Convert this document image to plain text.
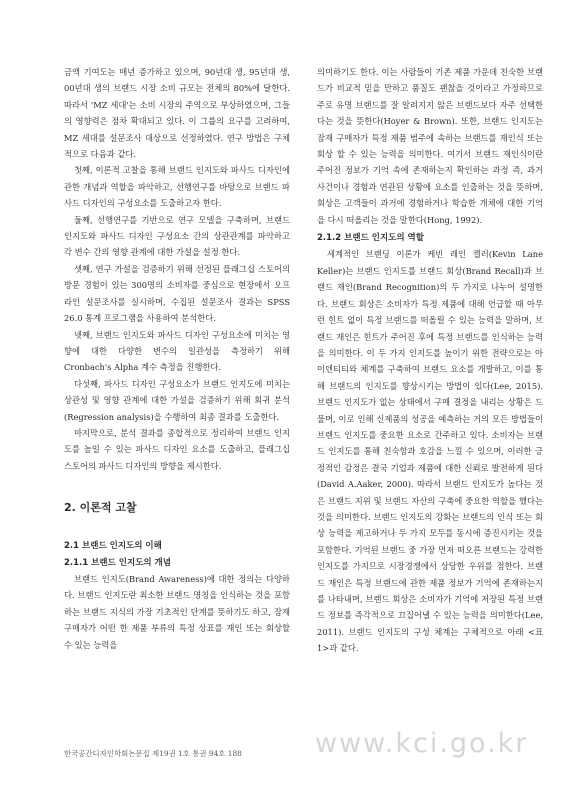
금액 기여도는 매년 증가하고 있으며, 90년대 생, 95년대 생, 00년대 생의 브랜드 시장 소비 규모는 전체의 80%에 달한다. 따라서 'MZ 세대'는 소비 시장의 주역으로 부상하였으며, 그들의 영향력은 점차 확대되고 있다. 이 그룹의 요구를 고려하여, MZ 세대를 설문조사 대상으로 선정하였다. 연구 방법은 구체적으로 다음과 같다.

첫째, 이론적 고찰을 통해 브랜드 인지도와 파사드 디자인에 관한 개념과 역할을 파악하고, 선행연구를 바탕으로 브랜드 파사드 디자인의 구성요소를 도출하고자 한다.

둘째, 선행연구를 기반으로 연구 모델을 구축하며, 브랜드 인지도와 파사드 디자인 구성요소 간의 상관관계를 파악하고 각 변수 간의 영향 관계에 대한 가설을 설정 한다.

셋째, 연구 가설을 검증하기 위해 선정된 플래그십 스토어의 방문 경험이 있는 300명의 소비자를 중심으로 현장에서 오프라인 설문조사를 실시하며, 수집된 설문조사 결과는 SPSS 26.0 통계 프로그램을 사용하여 분석한다.

넷째, 브랜드 인지도와 파사드 디자인 구성요소에 미치는 영향에 대한 다양한 변수의 일관성을 측정하기 위해 Cronbach's Alpha 계수 측정을 진행한다.

다섯째, 파사드 디자인 구성요소가 브랜드 인지도에 미치는 상관성 및 영향 관계에 대한 가설을 검증하기 위해 회귀 분석(Regression analysis)을 수행하여 최종 결과를 도출한다.

마지막으로, 분석 결과를 종합적으로 정리하여 브랜드 인지도를 높일 수 있는 파사드 디자인 요소를 도출하고, 플래그십 스토어의 파사드 디자인의 방향을 제시한다.

2. 이론적 고찰
2.1 브랜드 인지도의 이해
2.1.1 브랜드 인지도의 개념

브랜드 인지도(Brand Awareness)에 대한 정의는 다양하다. 브랜드 인지도란 최소한 브랜드 명칭을 인식하는 것을 포함하는 브랜드 지식의 가장 기초적인 단계를 뜻하기도 하고, 잠재 구매자가 어떤 한 제품 부류의 특정 상표를 재인 또는 회상할 수 있는 능력을

의미하기도 한다. 이는 사람들이 기존 제품 가운데 친숙한 브랜드가 비교적 믿을 만하고 품질도 괜찮을 것이라고 가정하므로 주로 유명 브랜드를 잘 알려지지 않은 브랜드보다 자주 선택한다는 것을 뜻한다(Hoyer & Brown). 또한, 브랜드 인지도는 잠재 구매자가 특정 제품 범주에 속하는 브랜드를 재인식 또는 회상 할 수 있는 능력을 의미한다. 여기서 브랜드 재인식이란 주어진 정보가 기억 속에 존재하는지 확인하는 과정 즉, 과거 사건이나 경험과 연관된 상황에 요소를 인출하는 것을 뜻하며, 회상은 고객들이 과거에 경험하거나 학습한 개체에 대한 기억을 다시 떠올리는 것을 말한다(Hong, 1992).

2.1.2 브랜드 인지도의 역할

세계적인 브랜딩 이론가 케빈 레인 켈러(Kevin Lane Keller)는 브랜드 인지도를 브랜드 회상(Brand Recall)과 브랜드 재인(Brand Recognition)의 두 가지로 나누어 설명한다. 브랜드 회상은 소비자가 특정 제품에 대해 언급할 때 아무런 힌트 없이 특정 브랜드를 떠올릴 수 있는 능력을 말하며, 브랜드 재인은 힌트가 주어진 후에 특정 브랜드를 인식하는 능력을 의미한다. 이 두 가지 인지도를 높이기 위한 전략으로는 아이덴티티와 체계를 구축하여 브랜드 요소를 개발하고, 이를 통해 브랜드의 인지도를 향상시키는 방법이 있다(Lee, 2015). 브랜드 인지도가 없는 상태에서 구매 결정을 내리는 상황은 드물며, 이로 인해 신제품의 성공을 예측하는 거의 모든 방법들이 브랜드 인지도를 중요한 요소로 간주하고 있다. 소비자는 브랜드 인지도를 통해 친숙함과 호감을 느낄 수 있으며, 이러한 긍정적인 감정은 결국 기업과 제품에 대한 신뢰로 발전하게 된다(David A.Aaker, 2000). 따라서 브랜드 인지도가 높다는 것은 브랜드 지위 및 브랜드 자산의 구축에 중요한 역할을 했다는 것을 의미한다. 브랜드 인지도의 강화는 브랜드의 인식 또는 회상 능력을 제고하거나 두 가지 모두를 동시에 증진시키는 것을 포함한다. 기억된 브랜드 중 가장 먼저 떠오른 브랜드는 강력한 인지도를 가지므로 시장경쟁에서 상당한 우위를 점한다. 브랜드 재인은 특정 브랜드에 관한 제품 정보가 기억에 존재하는지를 나타내며, 브랜드 회상은 소비자가 기억에 저장된 특정 브랜드 정보를 즉각적으로 끄집어낼 수 있는 능력을 의미한다(Lee, 2011). 브랜드 인지도의 구성 체계는 구체적으로 아래 <표 1>과 같다.

www.kci.go.kr
한국공간디자인학회논문집 제19권 1호 통권 94호 188
